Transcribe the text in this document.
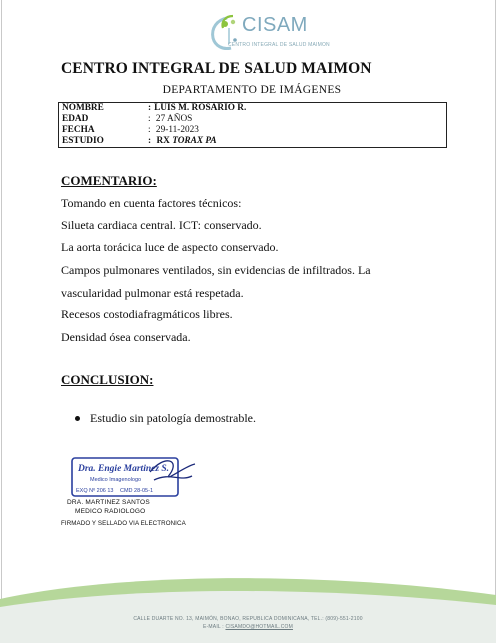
CISAM
CENTRO INTEGRAL DE SALUD MAIMON
CENTRO INTEGRAL DE SALUD MAIMON
DEPARTAMENTO DE IMÁGENES
NOMBRE	: LUIS M. ROSARIO R.
EDAD	: 27 AÑOS
FECHA	: 29-11-2023
ESTUDIO	: RX TORAX PA
COMENTARIO:
Tomando en cuenta factores técnicos:
Silueta cardiaca central. ICT: conservado.
La aorta torácica luce de aspecto conservado.
Campos pulmonares ventilados, sin evidencias de infiltrados. La
vascularidad pulmonar está respetada.
Recesos costodiafragmáticos libres.
Densidad ósea conservada.
CONCLUSION:
Estudio sin patología demostrable.
Dra. Engie Martinez S.
Medico Imagenologo
EXQ Nº 206 13 CMD 28-05-1
DRA. MARTINEZ SANTOS
MEDICO RADIOLOGO
FIRMADO Y SELLADO VIA ELECTRONICA
CALLE DUARTE NO. 13, MAIMÓN, BONAO, REPUBLICA DOMINICANA, TEL.: (809)-551-2100
E-MAIL : CISAMDO@HOTMAIL.COM
